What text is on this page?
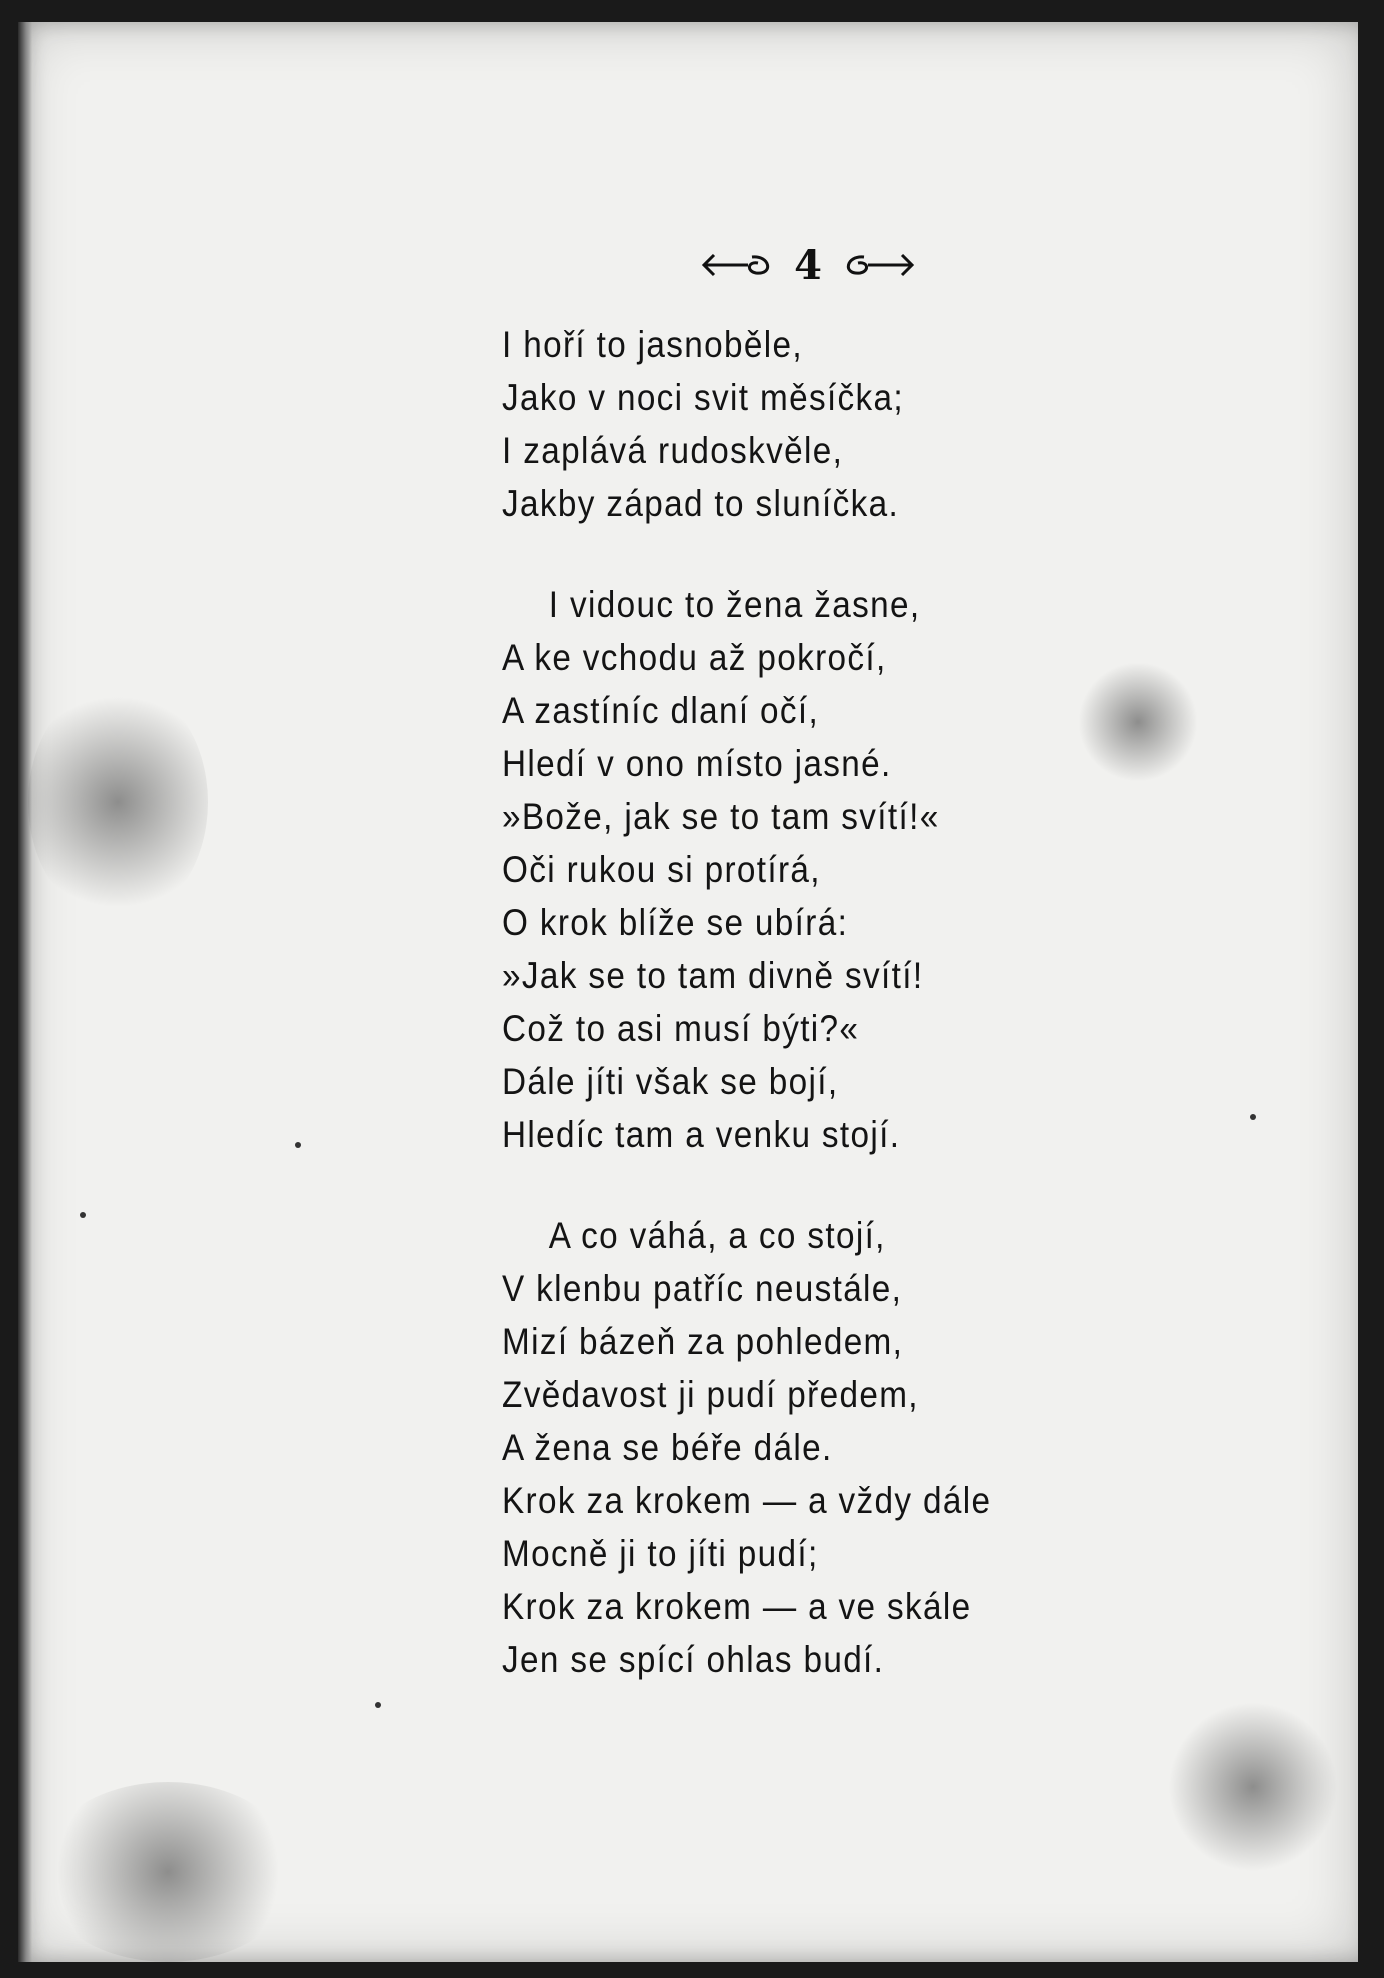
4
I hoří to jasnoběle,
Jako v noci svit měsíčka;
I zaplává rudoskvěle,
Jakby západ to sluníčka.
I vidouc to žena žasne,
A ke vchodu až pokročí,
A zastíníc dlaní očí,
Hledí v ono místo jasné.
»Bože, jak se to tam svítí!«
Oči rukou si protírá,
O krok blíže se ubírá:
»Jak se to tam divně svítí!
Což to asi musí býti?«
Dále jíti však se bojí,
Hledíc tam a venku stojí.
A co váhá, a co stojí,
V klenbu patříc neustále,
Mizí bázeň za pohledem,
Zvědavost ji pudí předem,
A žena se béře dále.
Krok za krokem — a vždy dále
Mocně ji to jíti pudí;
Krok za krokem — a ve skále
Jen se spící ohlas budí.
